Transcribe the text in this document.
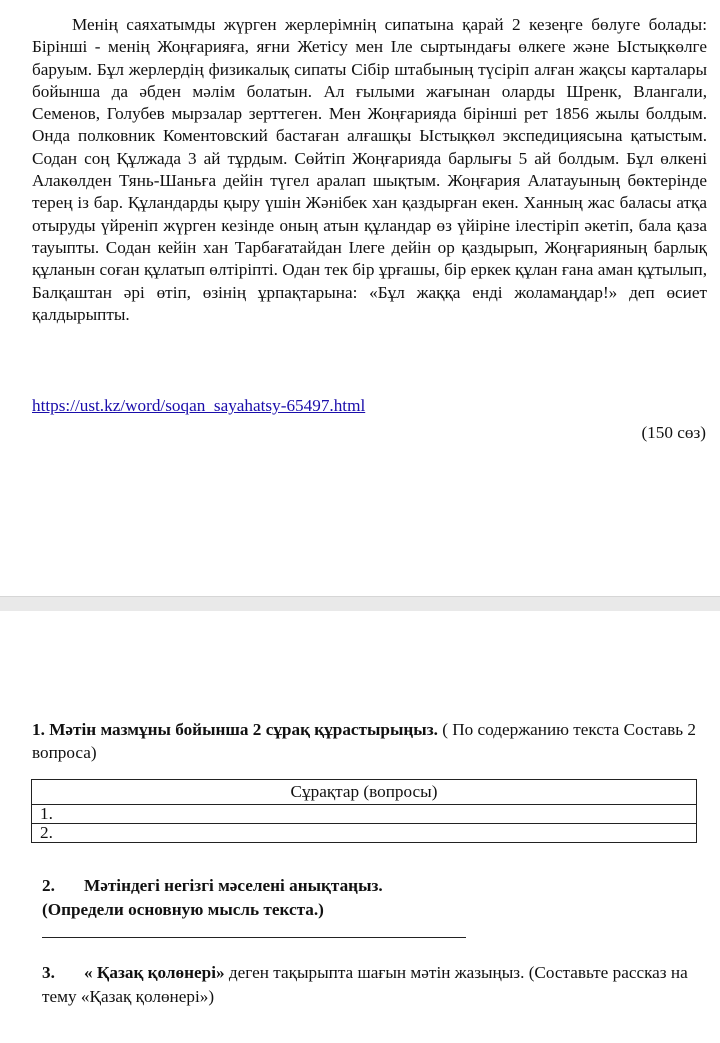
Менің саяхатымды жүрген жерлерімнің сипатына қарай 2 кезеңге бөлуге болады: Бірінші - менің Жоңғарияға, яғни Жетісу мен Іле сыртындағы өлкеге және Ыстықкөлге баруым. Бұл жерлердің физикалық сипаты Сібір штабының түсіріп алған жақсы карталары бойынша да әбден мәлім болатын. Ал ғылыми жағынан оларды Шренк, Влангали, Семенов, Голубев мырзалар зерттеген. Мен Жоңғарияда бірінші рет 1856 жылы болдым. Онда полковник Коментовский бастаған алғашқы Ыстықкөл экспедициясына қатыстым. Содан соң Құлжада 3 ай тұрдым. Сөйтіп Жоңғарияда барлығы 5 ай болдым. Бұл өлкені Алакөлден Тянь-Шаньға дейін түгел аралап шықтым. Жоңғария Алатауының бөктерінде терең із бар. Құландарды қыру үшін Жәнібек хан қаздырған екен. Ханның жас баласы атқа отыруды үйреніп жүрген кезінде оның атын құландар өз үйіріне ілестіріп әкетіп, бала қаза тауыпты. Содан кейін хан Тарбағатайдан Ілеге дейін ор қаздырып, Жоңғарияның барлық құланын соған құлатып өлтіріпті. Одан тек бір ұрғашы, бір еркек құлан ғана аман құтылып, Балқаштан әрі өтіп, өзінің ұрпақтарына: «Бұл жаққа енді жоламаңдар!» деп өсиет қалдырыпты.

https://ust.kz/word/soqan_sayahatsy-65497.html
(150 сөз)

1. Мәтін мазмұны бойынша 2 сұрақ құрастырыңыз. ( По содержанию текста Составь 2 вопроса)

Сұрақтар (вопросы)
1.
2.
2. Мәтіндегі негізгі мәселені анықтаңыз.
(Определи основную мысль текста.)

3. « Қазақ қолөнері» деген тақырыпта шағын мәтін жазыңыз. (Составьте рассказ на тему «Қазақ қолөнері»)
